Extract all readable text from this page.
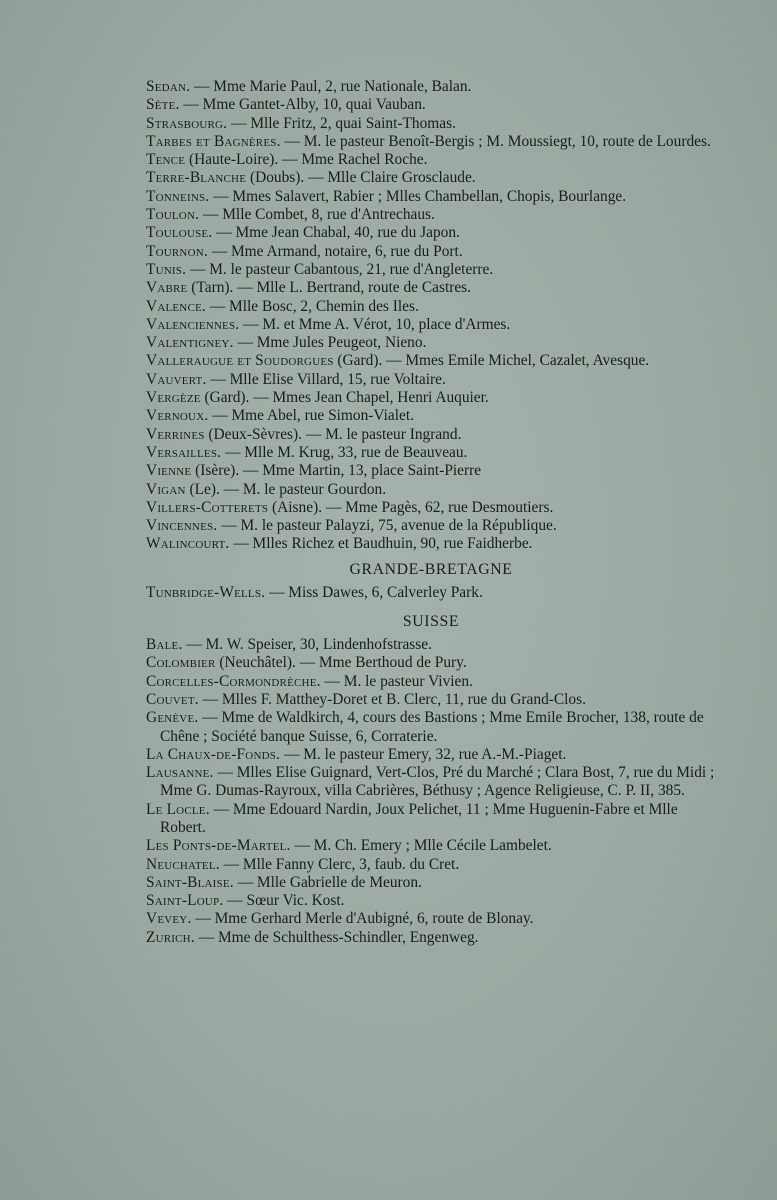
Sedan. — Mme Marie Paul, 2, rue Nationale, Balan.

Sète. — Mme Gantet-Alby, 10, quai Vauban.

Strasbourg. — Mlle Fritz, 2, quai Saint-Thomas.

Tarbes et Bagnères. — M. le pasteur Benoît-Bergis ; M. Moussiegt, 10, route de Lourdes.

Tence (Haute-Loire). — Mme Rachel Roche.

Terre-Blanche (Doubs). — Mlle Claire Grosclaude.

Tonneins. — Mmes Salavert, Rabier ; Mlles Chambellan, Chopis, Bourlange.

Toulon. — Mlle Combet, 8, rue d'Antrechaus.

Toulouse. — Mme Jean Chabal, 40, rue du Japon.

Tournon. — Mme Armand, notaire, 6, rue du Port.

Tunis. — M. le pasteur Cabantous, 21, rue d'Angleterre.

Vabre (Tarn). — Mlle L. Bertrand, route de Castres.

Valence. — Mlle Bosc, 2, Chemin des Iles.

Valenciennes. — M. et Mme A. Vérot, 10, place d'Armes.

Valentigney. — Mme Jules Peugeot, Nieno.

Valleraugue et Soudorgues (Gard). — Mmes Emile Michel, Cazalet, Avesque.

Vauvert. — Mlle Elise Villard, 15, rue Voltaire.

Vergèze (Gard). — Mmes Jean Chapel, Henri Auquier.

Vernoux. — Mme Abel, rue Simon-Vialet.

Verrines (Deux-Sèvres). — M. le pasteur Ingrand.

Versailles. — Mlle M. Krug, 33, rue de Beauveau.

Vienne (Isère). — Mme Martin, 13, place Saint-Pierre

Vigan (Le). — M. le pasteur Gourdon.

Villers-Cotterets (Aisne). — Mme Pagès, 62, rue Desmoutiers.

Vincennes. — M. le pasteur Palayzi, 75, avenue de la République.

Walincourt. — Mlles Richez et Baudhuin, 90, rue Faidherbe.

GRANDE-BRETAGNE

Tunbridge-Wells. — Miss Dawes, 6, Calverley Park.

SUISSE

Bale. — M. W. Speiser, 30, Lindenhofstrasse.

Colombier (Neuchâtel). — Mme Berthoud de Pury.

Corcelles-Cormondrèche. — M. le pasteur Vivien.

Couvet. — Mlles F. Matthey-Doret et B. Clerc, 11, rue du Grand-Clos.

Genève. — Mme de Waldkirch, 4, cours des Bastions ; Mme Emile Brocher, 138, route de Chêne ; Société banque Suisse, 6, Corraterie.

La Chaux-de-Fonds. — M. le pasteur Emery, 32, rue A.-M.-Piaget.

Lausanne. — Mlles Elise Guignard, Vert-Clos, Pré du Marché ; Clara Bost, 7, rue du Midi ; Mme G. Dumas-Rayroux, villa Cabrières, Béthusy ; Agence Religieuse, C. P. II, 385.

Le Locle. — Mme Edouard Nardin, Joux Pelichet, 11 ; Mme Huguenin-Fabre et Mlle Robert.

Les Ponts-de-Martel. — M. Ch. Emery ; Mlle Cécile Lambelet.

Neuchatel. — Mlle Fanny Clerc, 3, faub. du Cret.

Saint-Blaise. — Mlle Gabrielle de Meuron.

Saint-Loup. — Sœur Vic. Kost.

Vevey. — Mme Gerhard Merle d'Aubigné, 6, route de Blonay.

Zurich. — Mme de Schulthess-Schindler, Engenweg.
